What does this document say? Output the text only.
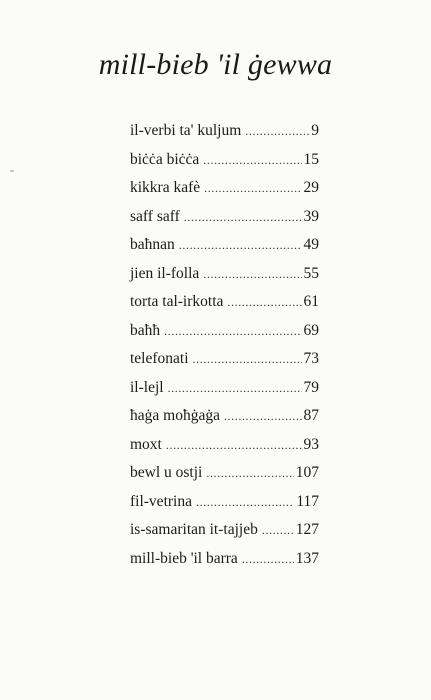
mill-bieb 'il ġewwa
il-verbi ta' kuljum .....	9
biċċa biċċa .....	15
kikkra kafè .....	29
saff saff .....	39
baħnan .....	49
jien il-folla .....	55
torta tal-irkotta .....	61
baħħ .....	69
telefonati .....	73
il-lejl .....	79
ħaġa moħġaġa .....	87
moxt .....	93
bewl u ostji .....	107
fil-vetrina .....	117
is-samaritan it-tajjeb ..... 127
mill-bieb 'il barra .....	137
